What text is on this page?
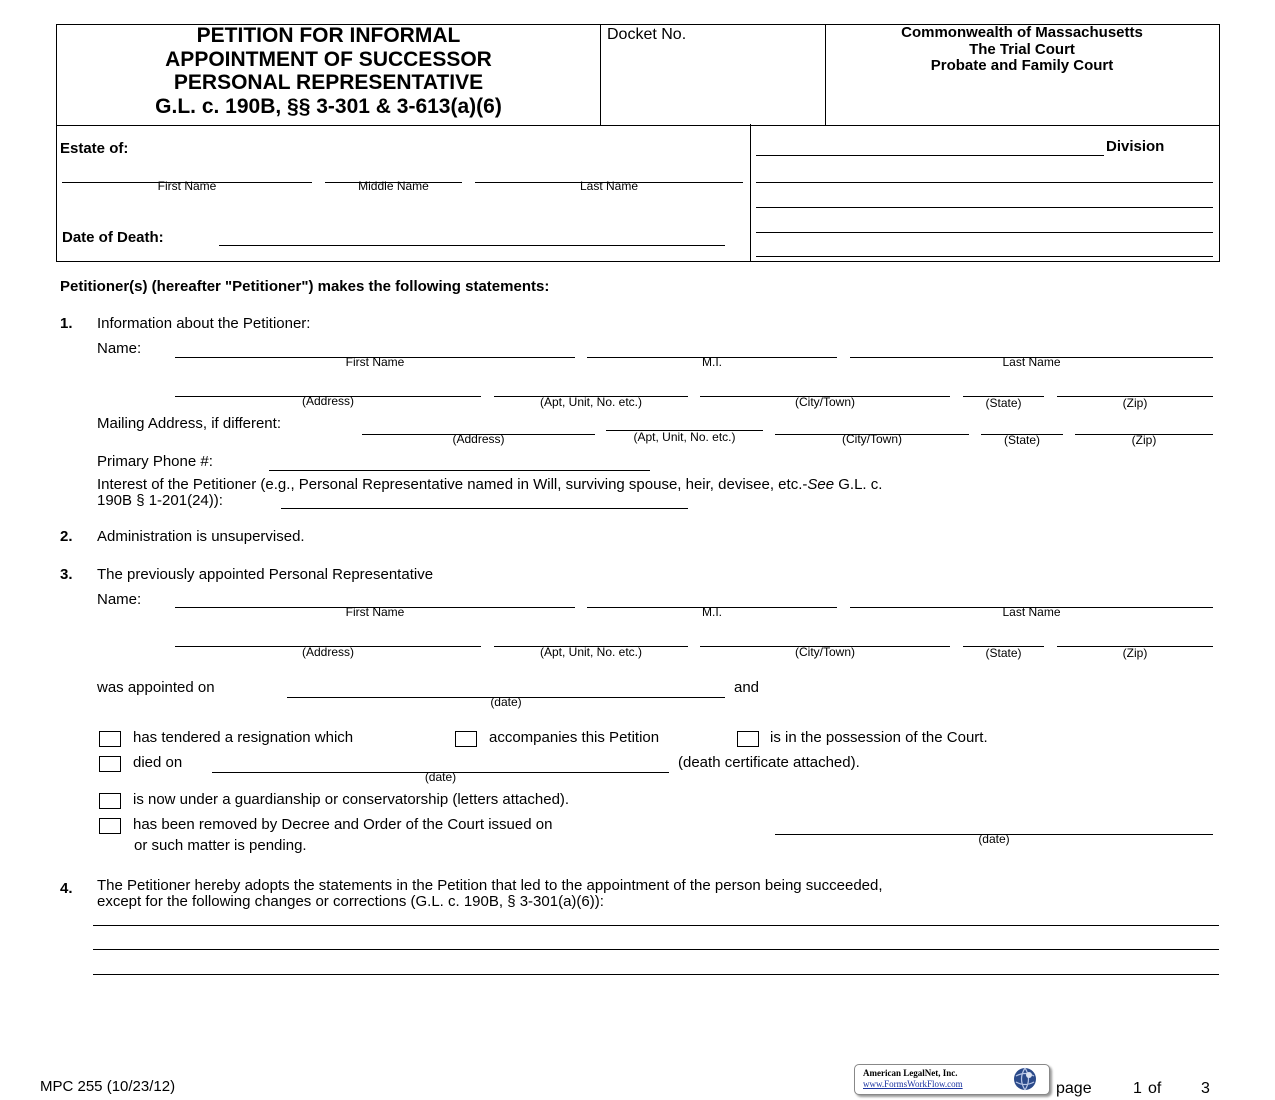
PETITION FOR INFORMAL
APPOINTMENT OF SUCCESSOR
PERSONAL REPRESENTATIVE
G.L. c. 190B, §§ 3-301 & 3-613(a)(6)
Docket No.	Commonwealth of Massachusetts
The Trial Court
Probate and Family Court
Estate of:
First Name	Middle Name	Last Name
Date of Death:
Division
Petitioner(s) (hereafter "Petitioner") makes the following statements:
1. Information about the Petitioner:
Name:
First Name	M.I.	Last Name
(Address)	(Apt, Unit, No. etc.)	(City/Town)	(State)	(Zip)
Mailing Address, if different:
(Address)	(Apt, Unit, No. etc.)	(City/Town)	(State)	(Zip)
Primary Phone #:
Interest of the Petitioner (e.g., Personal Representative named in Will, surviving spouse, heir, devisee, etc.-See G.L. c.
190B § 1-201(24)):
2. Administration is unsupervised.
3. The previously appointed Personal Representative
Name:
First Name	M.I.	Last Name
(Address)	(Apt, Unit, No. etc.)	(City/Town)	(State)	(Zip)
was appointed on
(date)
and
has tendered a resignation which	accompanies this Petition	is in the possession of the Court.
died on
(date)
(death certificate attached).
is now under a guardianship or conservatorship (letters attached).
has been removed by Decree and Order of the Court issued on
or such matter is pending.	(date)
4. The Petitioner hereby adopts the statements in the Petition that led to the appointment of the person being succeeded,
except for the following changes or corrections (G.L. c. 190B, § 3-301(a)(6)):
MPC 255 (10/23/12)
American LegalNet, Inc.
www.FormsWorkFlow.com	page	1 of 3
